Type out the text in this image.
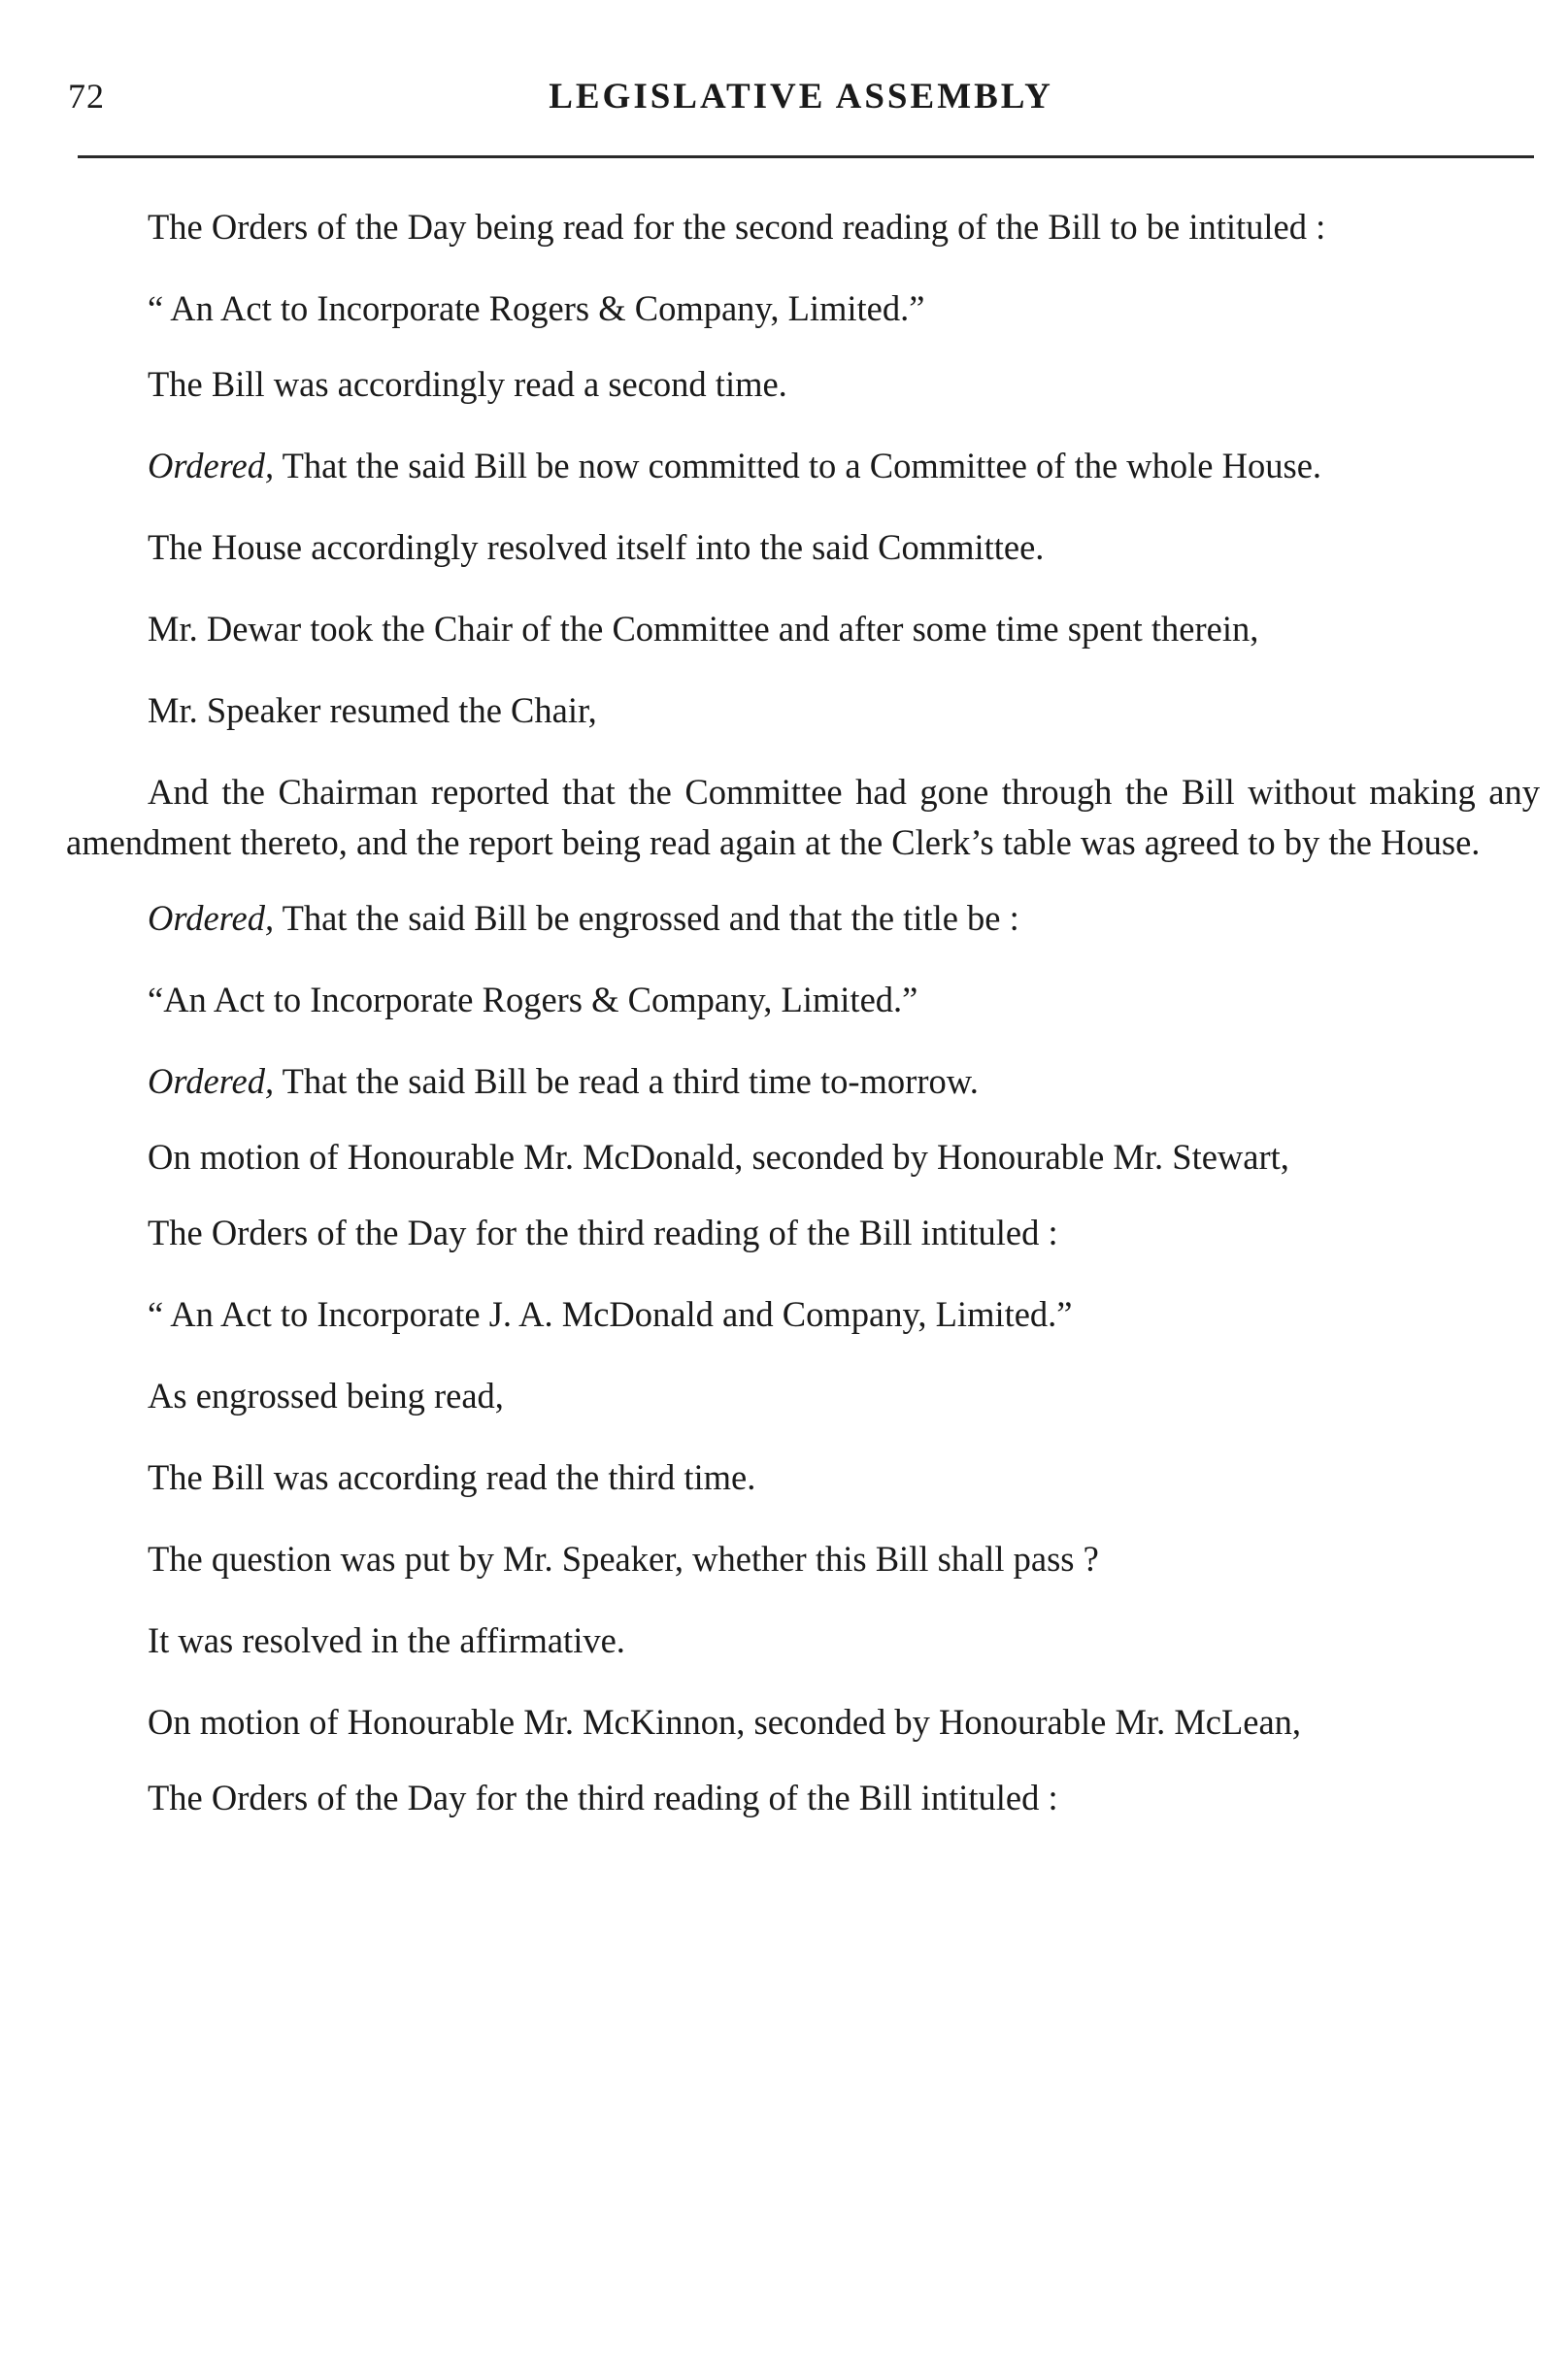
72	LEGISLATIVE ASSEMBLY

The Orders of the Day being read for the second reading of the Bill to be intituled :

“ An Act to Incorporate Rogers & Company, Limited.”

The Bill was accordingly read a second time.

Ordered, That the said Bill be now committed to a Committee of the whole House.

The House accordingly resolved itself into the said Committee.

Mr. Dewar took the Chair of the Committee and after some time spent therein,

Mr. Speaker resumed the Chair,

And the Chairman reported that the Committee had gone through the Bill without making any amendment thereto, and the report being read again at the Clerk’s table was agreed to by the House.

Ordered, That the said Bill be engrossed and that the title be :

“An Act to Incorporate Rogers & Company, Limited.”

Ordered, That the said Bill be read a third time to-morrow.

On motion of Honourable Mr. McDonald, seconded by Honourable Mr. Stewart,

The Orders of the Day for the third reading of the Bill intituled :

“ An Act to Incorporate J. A. McDonald and Company, Limited.”

As engrossed being read,

The Bill was according read the third time.

The question was put by Mr. Speaker, whether this Bill shall pass ?

It was resolved in the affirmative.

On motion of Honourable Mr. McKinnon, seconded by Honourable Mr. McLean,

The Orders of the Day for the third reading of the Bill intituled :
